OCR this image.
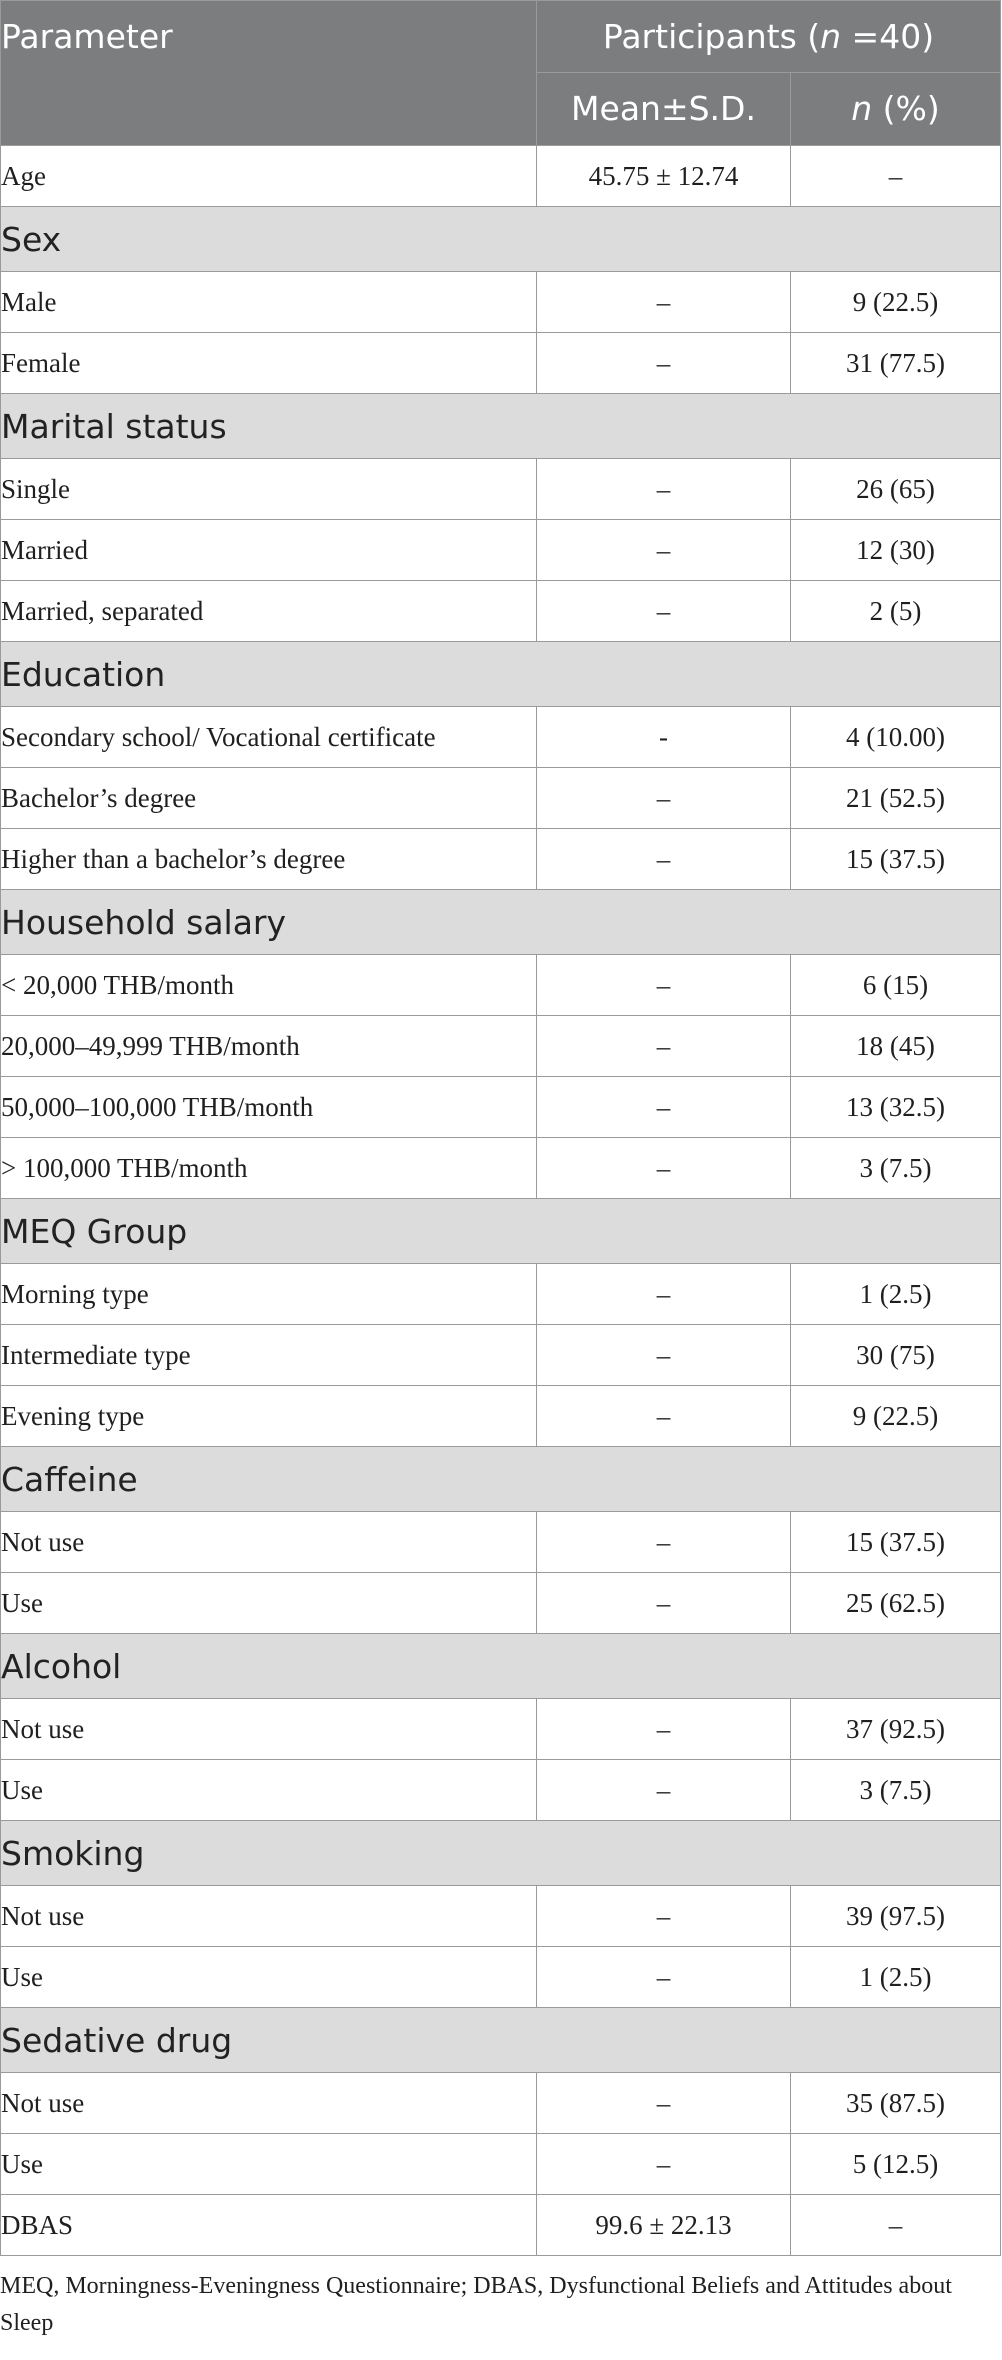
Parameter	Participants (n =40)	
	Mean±S.D.	n (%)
Age	45.75 ± 12.74	–
Sex		
Male	–	9 (22.5)
Female	–	31 (77.5)
Marital status		
Single	–	26 (65)
Married	–	12 (30)
Married, separated	–	2 (5)
Education		
Secondary school/ Vocational certificate	-	4 (10.00)
Bachelor’s degree	–	21 (52.5)
Higher than a bachelor’s degree	–	15 (37.5)
Household salary		
< 20,000 THB/month	–	6 (15)
20,000–49,999 THB/month	–	18 (45)
50,000–100,000 THB/month	–	13 (32.5)
> 100,000 THB/month	–	3 (7.5)
MEQ Group		
Morning type	–	1 (2.5)
Intermediate type	–	30 (75)
Evening type	–	9 (22.5)
Caffeine		
Not use	–	15 (37.5)
Use	–	25 (62.5)
Alcohol		
Not use	–	37 (92.5)
Use	–	3 (7.5)
Smoking		
Not use	–	39 (97.5)
Use	–	1 (2.5)
Sedative drug		
Not use	–	35 (87.5)
Use	–	5 (12.5)
DBAS	99.6 ± 22.13	–
MEQ, Morningness-Eveningness Questionnaire; DBAS, Dysfunctional Beliefs and Attitudes about Sleep
